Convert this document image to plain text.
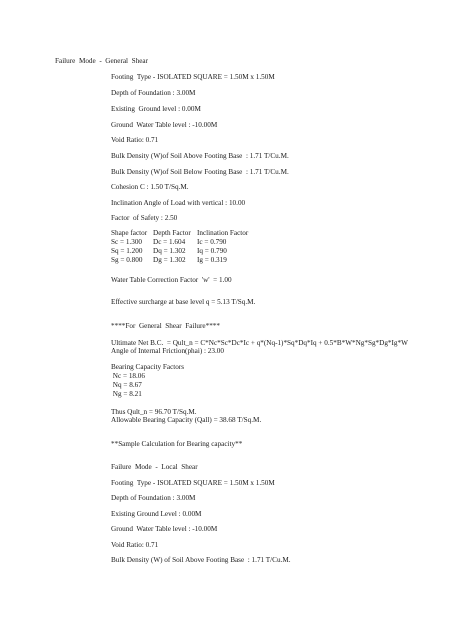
Failure  Mode  -  General  Shear
Footing  Type - ISOLATED SQUARE = 1.50M x 1.50M
Depth of Foundation : 3.00M
Existing  Ground level : 0.00M
Ground  Water Table level : -10.00M
Void Ratio: 0.71
Bulk Density (W)of Soil Above Footing Base  : 1.71 T/Cu.M.
Bulk Density (W)of Soil Below Footing Base  : 1.71 T/Cu.M.
Cohesion C : 1.50 T/Sq.M.
Inclination Angle of Load with vertical : 10.00
Factor  of Safety : 2.50
Shape factor Depth Factor Inclination Factor
Sc = 1.300 Dc = 1.604 Ic = 0.790
Sq = 1.200 Dq = 1.302 Iq = 0.790
Sg = 0.800 Dg = 1.302 Ig = 0.319
Water Table Correction Factor  'w'  = 1.00
Effective surcharge at base level q = 5.13 T/Sq.M.
****For  General  Shear  Failure****
Ultimate Net B.C.  = Qult_n = C*Nc*Sc*Dc*Ic + q*(Nq-1)*Sq*Dq*Iq + 0.5*B*W*Ng*Sg*Dg*Ig*W
Angle of Internal Friction(phai) : 23.00
Bearing Capacity Factors
Nc = 18.06
Nq = 8.67
Ng = 8.21
Thus Qult_n = 96.70 T/Sq.M.
Allowable Bearing Capacity (Qall) = 38.68 T/Sq.M.
**Sample Calculation for Bearing capacity**
Failure  Mode  -  Local  Shear
Footing  Type - ISOLATED SQUARE = 1.50M x 1.50M
Depth of Foundation : 3.00M
Existing Ground Level : 0.00M
Ground  Water Table level : -10.00M
Void Ratio: 0.71
Bulk Density (W) of Soil Above Footing Base  : 1.71 T/Cu.M.
